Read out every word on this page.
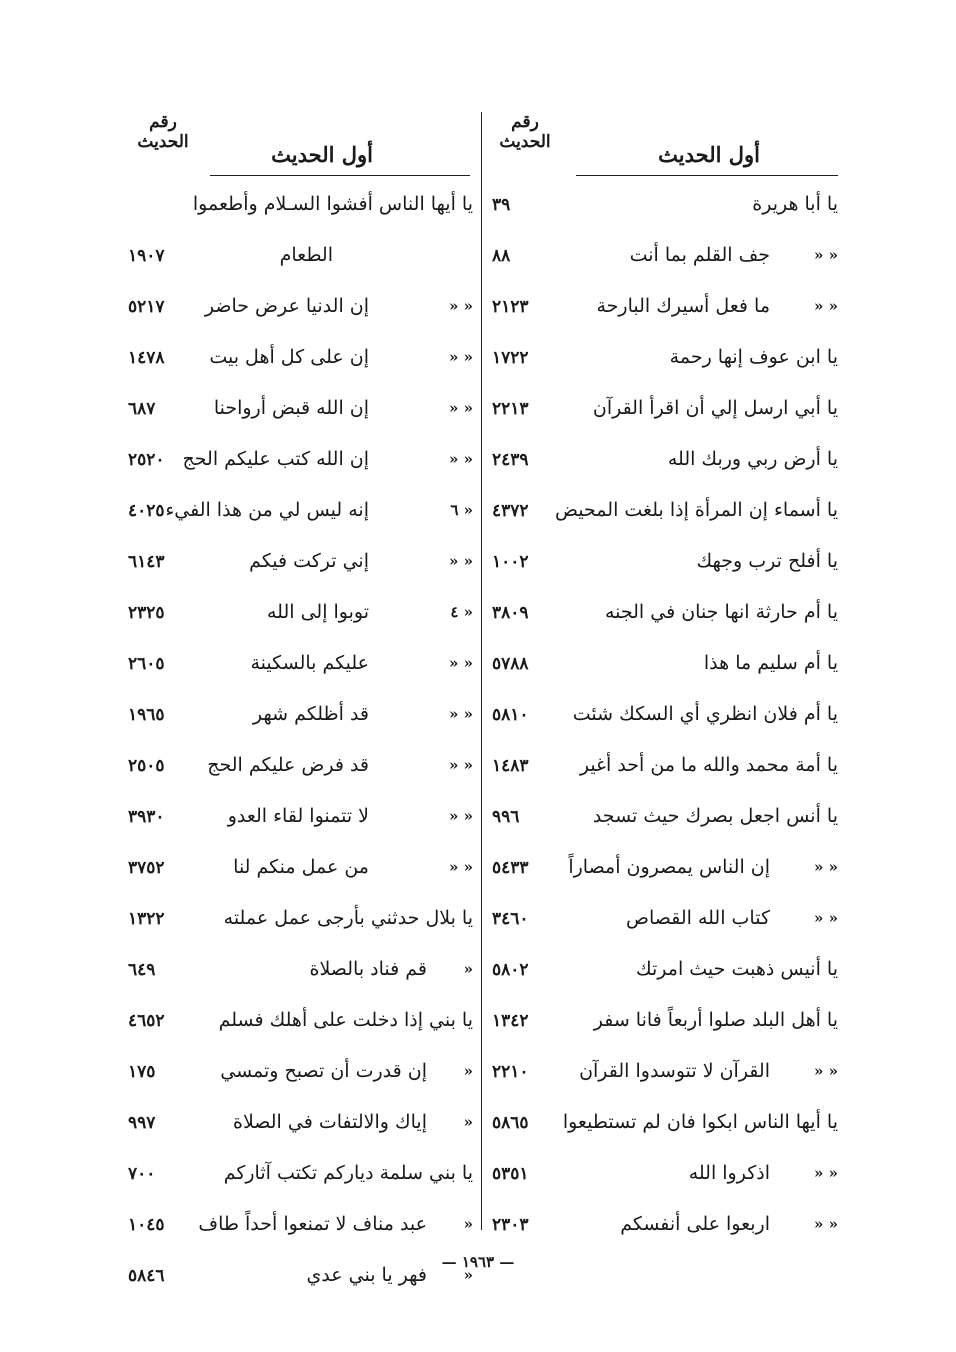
رقم
الحديث	أول الحديث
رقم
الحديث	أول الحديث
يا أبا هريرة
٣٩
« «
جف القلم بما أنت
٨٨
« «
ما فعل أسيرك البارحة
٢١٢٣
يا ابن عوف إنها رحمة
١٧٢٢
يا أبي ارسل إلي أن اقرأ القرآن
٢٢١٣
يا أرض ربي وربك الله
٢٤٣٩
يا أسماء إن المرأة إذا بلغت المحيض
٤٣٧٢
يا أفلح ترب وجهك
١٠٠٢
يا أم حارثة انها جنان في الجنه
٣٨٠٩
يا أم سليم ما هذا
٥٧٨٨
يا أم فلان انظري أي السكك شئت
٥٨١٠
يا أمة محمد والله ما من أحد أغير
١٤٨٣
يا أنس اجعل بصرك حيث تسجد
٩٩٦
« «
إن الناس يمصرون أمصاراً
٥٤٣٣
« «
كتاب الله القصاص
٣٤٦٠
يا أنيس ذهبت حيث امرتك
٥٨٠٢
يا أهل البلد صلوا أربعاً فانا سفر
١٣٤٢
« «
القرآن لا تتوسدوا القرآن
٢٢١٠
يا أيها الناس ابكوا فان لم تستطيعوا
٥٨٦٥
« «
اذكروا الله
٥٣٥١
« «
اربعوا على أنفسكم
٢٣٠٣
يا أيها الناس أفشوا السـلام وأطعموا
الطعام
١٩٠٧
« «
إن الدنيا عرض حاضر
٥٢١٧
« «
إن على كل أهل بيت
١٤٧٨
« «
إن الله قبض أرواحنا
٦٨٧
« «
إن الله كتب عليكم الحج
٢٥٢٠
« ٦
إنه ليس لي من هذا الفيء
٤٠٢٥
« «
إني تركت فيكم
٦١٤٣
« ٤
توبوا إلى الله
٢٣٢٥
« «
عليكم بالسكينة
٢٦٠٥
« «
قد أظلكم شهر
١٩٦٥
« «
قد فرض عليكم الحج
٢٥٠٥
« «
لا تتمنوا لقاء العدو
٣٩٣٠
« «
من عمل منكم لنا
٣٧٥٢
يا بلال حدثني بأرجى عمل عملته
١٣٢٢
«
قم فناد بالصلاة
٦٤٩
يا بني إذا دخلت على أهلك فسلم
٤٦٥٢
«
إن قدرت أن تصبح وتمسي
١٧٥
«
إياك والالتفات في الصلاة
٩٩٧
يا بني سلمة دياركم تكتب آثاركم
٧٠٠
«
عبد مناف لا تمنعوا أحداً طاف
١٠٤٥
«
فهر يا بني عدي
٥٨٤٦
— ١٩٦٣ —
